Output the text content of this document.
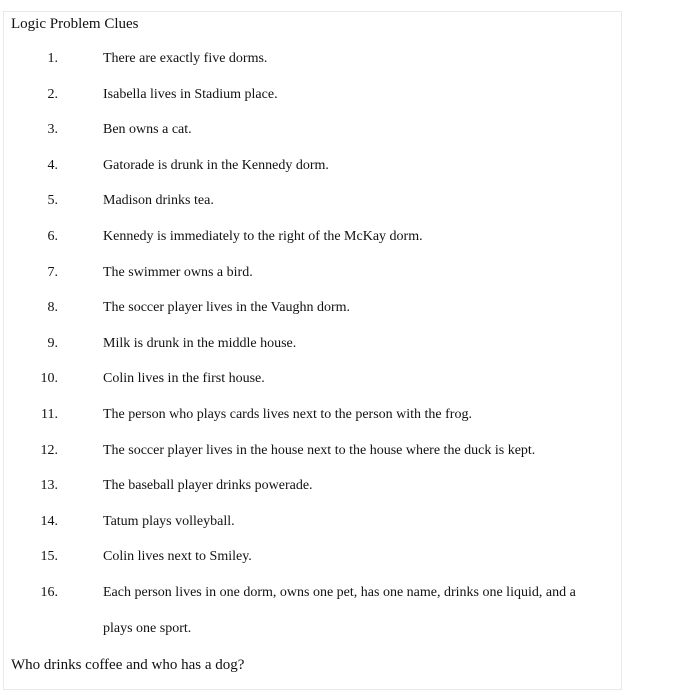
Logic Problem Clues
1.	There are exactly five dorms.
2.	Isabella lives in Stadium place.
3.	Ben owns a cat.
4.	Gatorade is drunk in the Kennedy dorm.
5.	Madison drinks tea.
6.	Kennedy is immediately to the right of the McKay dorm.
7.	The swimmer owns a bird.
8.	The soccer player lives in the Vaughn dorm.
9.	Milk is drunk in the middle house.
10.	Colin lives in the first house.
11.	The person who plays cards lives next to the person with the frog.
12.	The soccer player lives in the house next to the house where the duck is kept.
13.	The baseball player drinks powerade.
14.	Tatum plays volleyball.
15.	Colin lives next to Smiley.
16.	Each person lives in one dorm, owns one pet, has one name, drinks one liquid, and a plays one sport.
Who drinks coffee and who has a dog?
